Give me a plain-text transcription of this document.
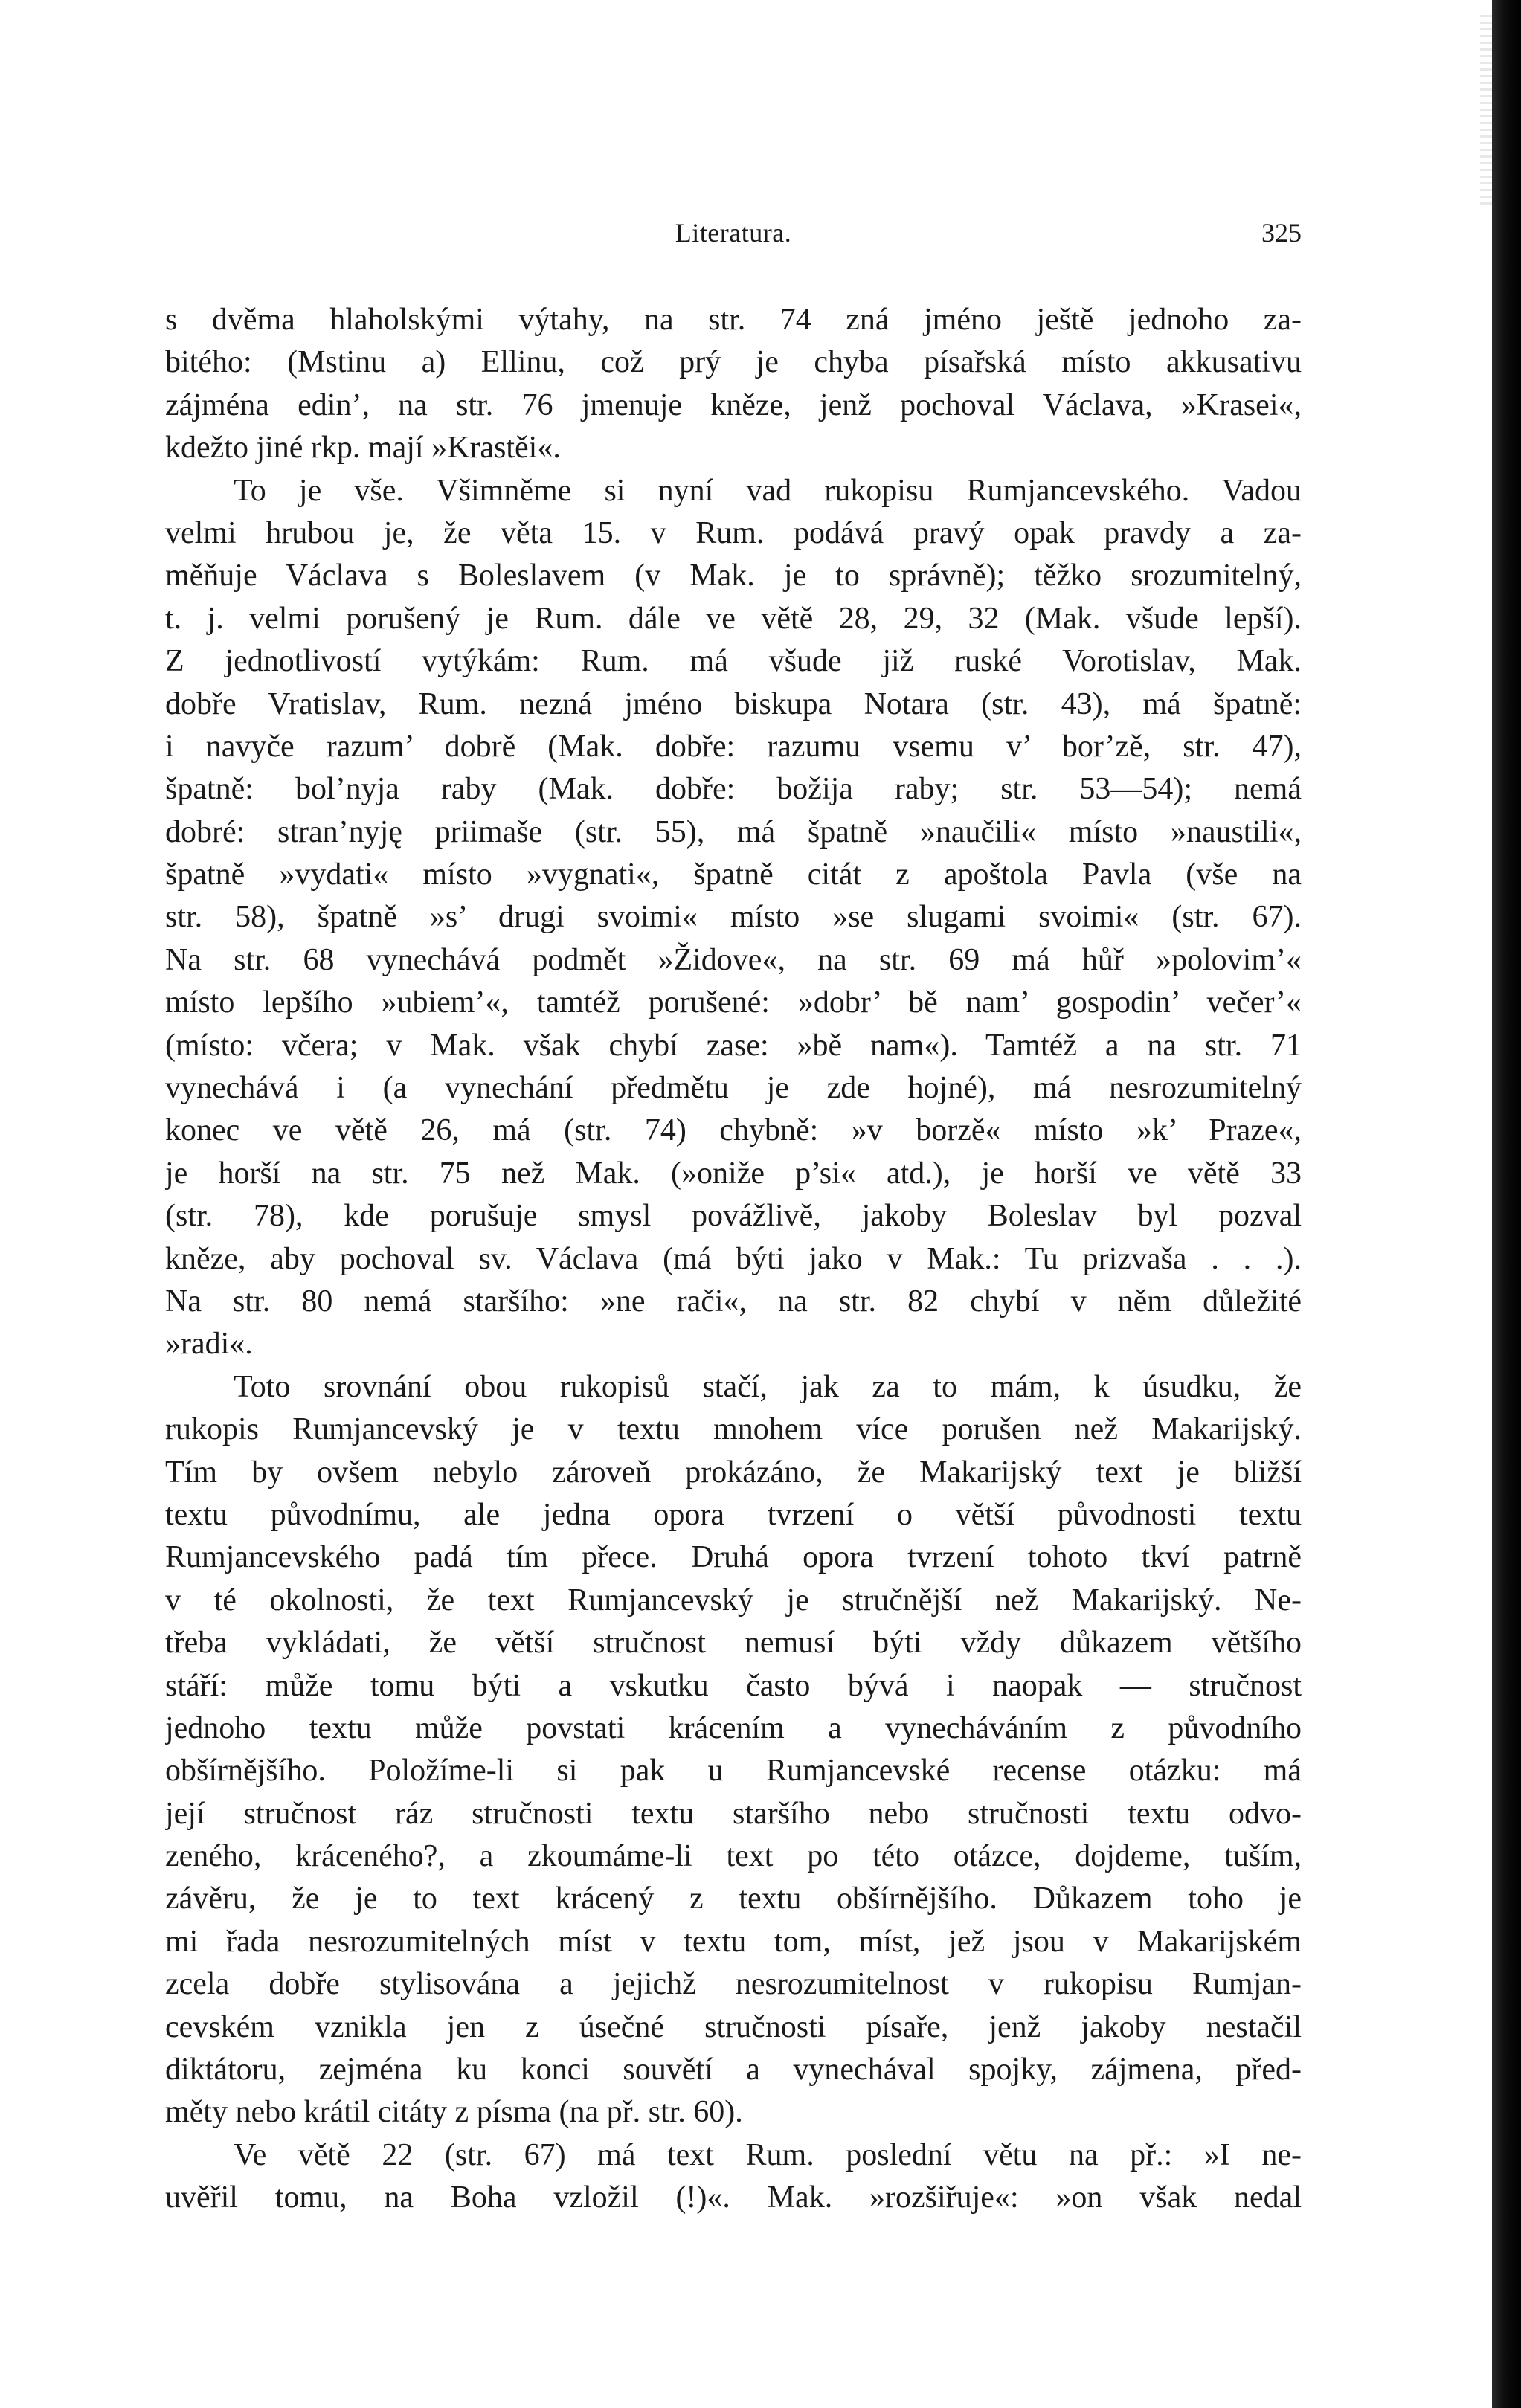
Literatura.	325
s dvěma hlaholskými výtahy, na str. 74 zná jméno ještě jednoho za-
bitého: (Mstinu a) Ellinu, což prý je chyba písařská místo akkusativu
zájména edin’, na str. 76 jmenuje kněze, jenž pochoval Václava, »Krasei«,
kdežto jiné rkp. mají »Krastěi«.
To je vše. Všimněme si nyní vad rukopisu Rumjancevského. Vadou
velmi hrubou je, že věta 15. v Rum. podává pravý opak pravdy a za-
měňuje Václava s Boleslavem (v Mak. je to správně); těžko srozumitelný,
t. j. velmi porušený je Rum. dále ve větě 28, 29, 32 (Mak. všude lepší).
Z jednotlivostí vytýkám: Rum. má všude již ruské Vorotislav, Mak.
dobře Vratislav, Rum. nezná jméno biskupa Notara (str. 43), má špatně:
i navyče razum’ dobrě (Mak. dobře: razumu vsemu v’ bor’zě, str. 47),
špatně: bol’nyja raby (Mak. dobře: božija raby; str. 53—54); nemá
dobré: stran’nyję priimaše (str. 55), má špatně »naučili« místo »naustili«,
špatně »vydati« místo »vygnati«, špatně citát z apoštola Pavla (vše na
str. 58), špatně »s’ drugi svoimi« místo »se slugami svoimi« (str. 67).
Na str. 68 vynechává podmět »Židove«, na str. 69 má hůř »polovim’«
místo lepšího »ubiem’«, tamtéž porušené: »dobr’ bě nam’ gospodin’ večer’«
(místo: včera; v Mak. však chybí zase: »bě nam«). Tamtéž a na str. 71
vynechává i (a vynechání předmětu je zde hojné), má nesrozumitelný
konec ve větě 26, má (str. 74) chybně: »v borzě« místo »k’ Praze«,
je horší na str. 75 než Mak. (»oniže p’si« atd.), je horší ve větě 33
(str. 78), kde porušuje smysl povážlivě, jakoby Boleslav byl pozval
kněze, aby pochoval sv. Václava (má býti jako v Mak.: Tu prizvaša . . .).
Na str. 80 nemá staršího: »ne rači«, na str. 82 chybí v něm důležité
»radi«.
Toto srovnání obou rukopisů stačí, jak za to mám, k úsudku, že
rukopis Rumjancevský je v textu mnohem více porušen než Makarijský.
Tím by ovšem nebylo zároveň prokázáno, že Makarijský text je bližší
textu původnímu, ale jedna opora tvrzení o větší původnosti textu
Rumjancevského padá tím přece. Druhá opora tvrzení tohoto tkví patrně
v té okolnosti, že text Rumjancevský je stručnější než Makarijský. Ne-
třeba vykládati, že větší stručnost nemusí býti vždy důkazem většího
stáří: může tomu býti a vskutku často bývá i naopak — stručnost
jednoho textu může povstati krácením a vynecháváním z původního
obšírnějšího. Položíme-li si pak u Rumjancevské recense otázku: má
její stručnost ráz stručnosti textu staršího nebo stručnosti textu odvo-
zeného, kráceného?, a zkoumáme-li text po této otázce, dojdeme, tuším,
závěru, že je to text krácený z textu obšírnějšího. Důkazem toho je
mi řada nesrozumitelných míst v textu tom, míst, jež jsou v Makarijském
zcela dobře stylisována a jejichž nesrozumitelnost v rukopisu Rumjan-
cevském vznikla jen z úsečné stručnosti písaře, jenž jakoby nestačil
diktátoru, zejména ku konci souvětí a vynechával spojky, zájmena, před-
měty nebo krátil citáty z písma (na př. str. 60).
Ve větě 22 (str. 67) má text Rum. poslední větu na př.: »I ne-
uvěřil tomu, na Boha vzložil (!)«. Mak. »rozšiřuje«: »on však nedal
